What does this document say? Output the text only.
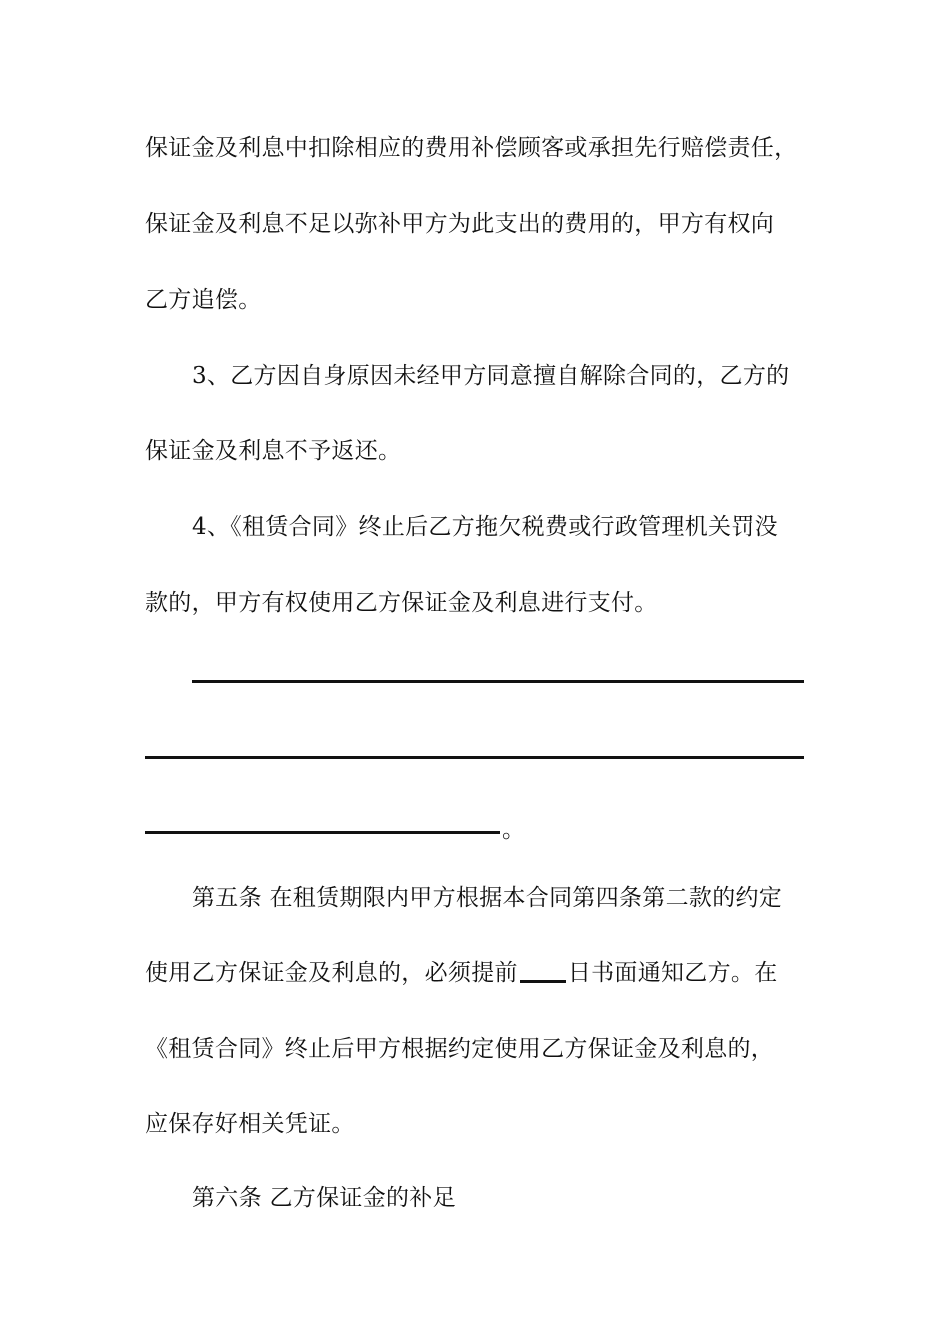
保证金及利息中扣除相应的费用补偿顾客或承担先行赔偿责任，
保证金及利息不足以弥补甲方为此支出的费用的，甲方有权向
乙方追偿。
3、乙方因自身原因未经甲方同意擅自解除合同的，乙方的
保证金及利息不予返还。
4、《租赁合同》终止后乙方拖欠税费或行政管理机关罚没
款的，甲方有权使用乙方保证金及利息进行支付。
。
第五条 在租赁期限内甲方根据本合同第四条第二款的约定
使用乙方保证金及利息的，必须提前 日书面通知乙方。在
《租赁合同》终止后甲方根据约定使用乙方保证金及利息的，
应保存好相关凭证。
第六条 乙方保证金的补足
